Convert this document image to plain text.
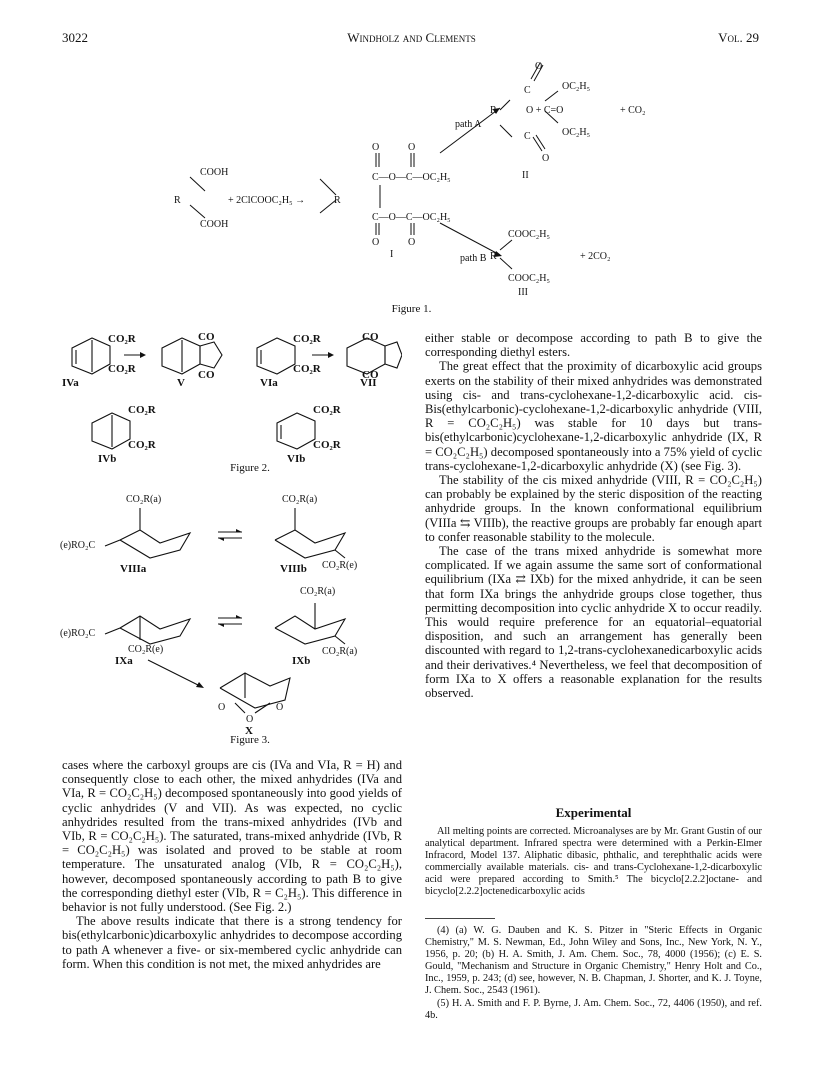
3022	Windholz and Clements	Vol. 29
COOH
R
COOH
+ 2ClCOOC₂H₅ →
O	O
C—O—C—OC₂H₅
R
C—O—C—OC₂H₅
O	O
I
path A
O
C
R	O + C=O
C
O
II
OC₂H₅
OC₂H₅
+ CO₂
path B
COOC₂H₅
R
COOC₂H₅
III
+ 2CO₂
Figure 1.
CO₂R
CO₂R
CO
CO
CO₂R
CO₂R
CO
CO
IVa	V	VIa	VII
CO₂R
CO₂R
CO₂R
CO₂R
IVb	VIb
Figure 2.
CO₂R(a)	CO₂R(a)
(e)RO₂C
CO₂R(e)
VIIIa	VIIIb
CO₂R(a)
(e)RO₂C
CO₂R(e)	CO₂R(a)
IXa	IXb
O
O
O
X
Figure 3.

cases where the carboxyl groups are cis (IVa and VIa, R = H) and consequently close to each other, the mixed anhydrides (IVa and VIa, R = CO₂C₂H₅) decomposed spontaneously into good yields of cyclic anhydrides (V and VII). As was expected, no cyclic anhydrides resulted from the trans-mixed anhydrides (IVb and VIb, R = CO₂C₂H₅). The saturated, trans-mixed anhydride (IVb, R = CO₂C₂H₅) was isolated and proved to be stable at room temperature. The unsaturated analog (VIb, R = CO₂C₂H₅), however, decomposed spontaneously according to path B to give the corresponding diethyl ester (VIb, R = C₂H₅). This difference in behavior is not fully understood. (See Fig. 2.)

The above results indicate that there is a strong tendency for bis(ethylcarbonic)dicarboxylic anhydrides to decompose according to path A whenever a five- or six-membered cyclic anhydride can form. When this condition is not met, the mixed anhydrides are

either stable or decompose according to path B to give the corresponding diethyl esters.

The great effect that the proximity of dicarboxylic acid groups exerts on the stability of their mixed anhydrides was demonstrated using cis- and trans-cyclohexane-1,2-dicarboxylic acid. cis-Bis(ethylcarbonic)-cyclohexane-1,2-dicarboxylic anhydride (VIII, R = CO₂C₂H₅) was stable for 10 days but trans-bis(ethylcarbonic)cyclohexane-1,2-dicarboxylic anhydride (IX, R = CO₂C₂H₅) decomposed spontaneously into a 75% yield of cyclic trans-cyclohexane-1,2-dicarboxylic anhydride (X) (see Fig. 3).

The stability of the cis mixed anhydride (VIII, R = CO₂C₂H₅) can probably be explained by the steric disposition of the reacting anhydride groups. In the known conformational equilibrium (VIIIa ⇆ VIIIb), the reactive groups are probably far enough apart to confer reasonable stability to the molecule.

The case of the trans mixed anhydride is somewhat more complicated. If we again assume the same sort of conformational equilibrium (IXa ⇄ IXb) for the mixed anhydride, it can be seen that form IXa brings the anhydride groups close together, thus permitting decomposition into cyclic anhydride X to occur readily. This would require preference for an equatorial–equatorial disposition, and such an arrangement has generally been discounted with regard to 1,2-trans-cyclohexanedicarboxylic acids and their derivatives.⁴ Nevertheless, we feel that decomposition of form IXa to X offers a reasonable explanation for the results observed.

Experimental

All melting points are corrected. Microanalyses are by Mr. Grant Gustin of our analytical department. Infrared spectra were determined with a Perkin-Elmer Infracord, Model 137. Aliphatic dibasic, phthalic, and terephthalic acids were commercially available materials. cis- and trans-Cyclohexane-1,2-dicarboxylic acid were prepared according to Smith.⁵ The bicyclo[2.2.2]octane- and bicyclo[2.2.2]octenedicarboxylic acids

(4) (a) W. G. Dauben and K. S. Pitzer in "Steric Effects in Organic Chemistry," M. S. Newman, Ed., John Wiley and Sons, Inc., New York, N. Y., 1956, p. 20; (b) H. A. Smith, J. Am. Chem. Soc., 78, 4000 (1956); (c) E. S. Gould, "Mechanism and Structure in Organic Chemistry," Henry Holt and Co., Inc., 1959, p. 243; (d) see, however, N. B. Chapman, J. Shorter, and K. J. Toyne, J. Chem. Soc., 2543 (1961).

(5) H. A. Smith and F. P. Byrne, J. Am. Chem. Soc., 72, 4406 (1950), and ref. 4b.
